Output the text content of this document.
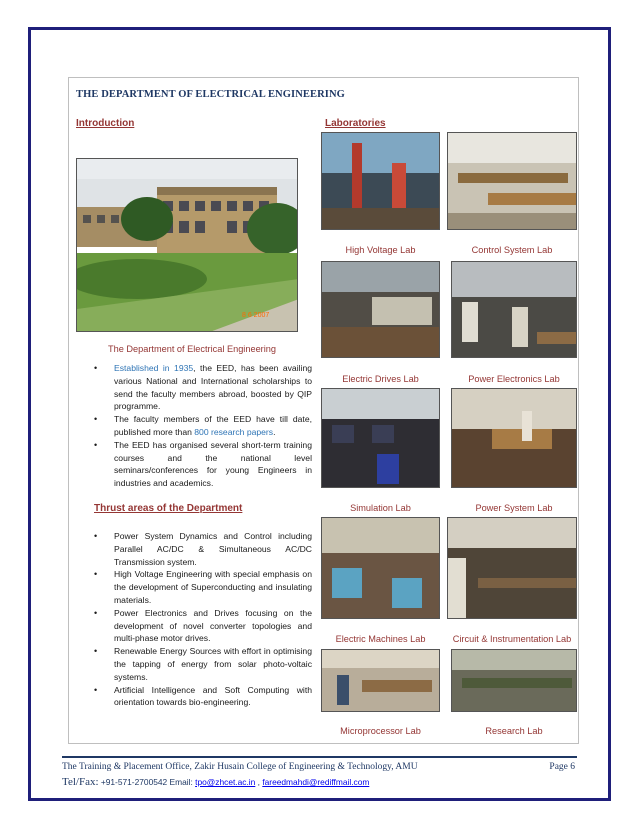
THE DEPARTMENT OF ELECTRICAL ENGINEERING
Introduction	Laboratories
8 6 2007
The Department of Electrical Engineering
• Established in 1935, the EED, has been availing various National and International scholarships to send the faculty members abroad, boosted by QIP programme.
• The faculty members of the EED have till date, published more than 800 research papers.
• The EED has organised several short-term training courses and the national level seminars/conferences for young Engineers in industries and academics.
Thrust areas of the Department
• Power System Dynamics and Control including Parallel AC/DC & Simultaneous AC/DC Transmission system.
• High Voltage Engineering with special emphasis on the development of Superconducting and insulating materials.
• Power Electronics and Drives focusing on the development of novel converter topologies and multi-phase motor drives.
• Renewable Energy Sources with effort in optimising the tapping of energy from solar photo-voltaic systems.
• Artificial Intelligence and Soft Computing with orientation towards bio-engineering.
High Voltage Lab	Control System Lab
Electric Drives Lab	Power Electronics Lab
Simulation Lab	Power System Lab
Electric Machines Lab	Circuit & Instrumentation Lab
Microprocessor Lab	Research Lab
The Training & Placement Office, Zakir Husain College of Engineering & Technology, AMU	Page 6
Tel/Fax: +91-571-2700542 Email: tpo@zhcet.ac.in , fareedmahdi@rediffmail.com
